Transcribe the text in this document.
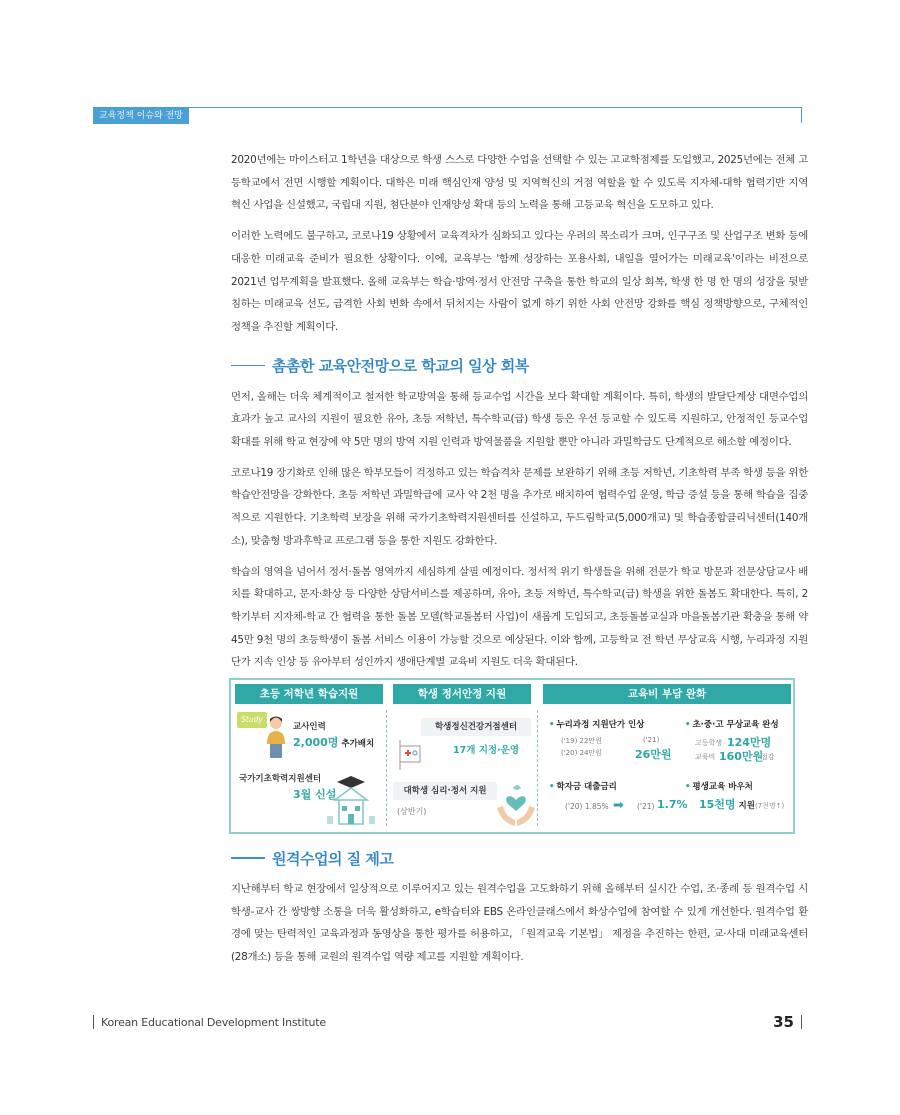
교육정책 이슈와 전망

2020년에는 마이스터고 1학년을 대상으로 학생 스스로 다양한 수업을 선택할 수 있는 고교학점제를 도입했고, 2025년에는 전체 고등학교에서 전면 시행할 계획이다. 대학은 미래 핵심인재 양성 및 지역혁신의 거점 역할을 할 수 있도록 지자체-대학 협력기반 지역혁신 사업을 신설했고, 국립대 지원, 첨단분야 인재양성 확대 등의 노력을 통해 고등교육 혁신을 도모하고 있다.

이러한 노력에도 불구하고, 코로나19 상황에서 교육격차가 심화되고 있다는 우려의 목소리가 크며, 인구구조 및 산업구조 변화 등에 대응한 미래교육 준비가 필요한 상황이다. 이에, 교육부는 '함께 성장하는 포용사회, 내일을 열어가는 미래교육'이라는 비전으로 2021년 업무계획을 발표했다. 올해 교육부는 학습·방역·정서 안전망 구축을 통한 학교의 일상 회복, 학생 한 명 한 명의 성장을 뒷받침하는 미래교육 선도, 급격한 사회 변화 속에서 뒤처지는 사람이 없게 하기 위한 사회 안전망 강화를 핵심 정책방향으로, 구체적인 정책을 추진할 계획이다.

촘촘한 교육안전망으로 학교의 일상 회복

먼저, 올해는 더욱 체계적이고 철저한 학교방역을 통해 등교수업 시간을 보다 확대할 계획이다. 특히, 학생의 발달단계상 대면수업의 효과가 높고 교사의 지원이 필요한 유아, 초등 저학년, 특수학교(급) 학생 등은 우선 등교할 수 있도록 지원하고, 안정적인 등교수업 확대를 위해 학교 현장에 약 5만 명의 방역 지원 인력과 방역물품을 지원할 뿐만 아니라 과밀학급도 단계적으로 해소할 예정이다.

코로나19 장기화로 인해 많은 학부모들이 걱정하고 있는 학습격차 문제를 보완하기 위해 초등 저학년, 기초학력 부족 학생 등을 위한 학습안전망을 강화한다. 초등 저학년 과밀학급에 교사 약 2천 명을 추가로 배치하여 협력수업 운영, 학급 증설 등을 통해 학습을 집중적으로 지원한다. 기초학력 보장을 위해 국가기초학력지원센터를 신설하고, 두드림학교(5,000개교) 및 학습종합클리닉센터(140개소), 맞춤형 방과후학교 프로그램 등을 통한 지원도 강화한다.

학습의 영역을 넘어서 정서·돌봄 영역까지 세심하게 살필 예정이다. 정서적 위기 학생들을 위해 전문가 학교 방문과 전문상담교사 배치를 확대하고, 문자·화상 등 다양한 상담서비스를 제공하며, 유아, 초등 저학년, 특수학교(급) 학생을 위한 돌봄도 확대한다. 특히, 2학기부터 지자체-학교 간 협력을 통한 돌봄 모델(학교돌봄터 사업)이 새롭게 도입되고, 초등돌봄교실과 마을돌봄기관 확충을 통해 약 45만 9천 명의 초등학생이 돌봄 서비스 이용이 가능할 것으로 예상된다. 이와 함께, 고등학교 전 학년 무상교육 시행, 누리과정 지원단가 지속 인상 등 유아부터 성인까지 생애단계별 교육비 지원도 더욱 확대된다.

초등 저학년 학습지원	학생 정서안정 지원	교육비 부담 완화
Study
교사인력
2,000명 추가배치
국가기초학력지원센터
3월 신설
학생정신건강거점센터
17개 지정·운영
대학생 심리·정서 지원
(상반기)
• 누리과정 지원단가 인상
('19) 22만원
('20) 24만원
('21)
26만원
• 초·중·고 무상교육 완성
고등학생 124만명
교육비 160만원
절감
• 학자금 대출금리
('20) 1.85% ➡ ('21) 1.7%
• 평생교육 바우처
15천명 지원(7천명↑)
원격수업의 질 제고

지난해부터 학교 현장에서 일상적으로 이루어지고 있는 원격수업을 고도화하기 위해 올해부터 실시간 수업, 조·종례 등 원격수업 시 학생-교사 간 쌍방향 소통을 더욱 활성화하고, e학습터와 EBS 온라인클래스에서 화상수업에 참여할 수 있게 개선한다. 원격수업 환경에 맞는 탄력적인 교육과정과 동영상을 통한 평가를 허용하고, 「원격교육 기본법」 제정을 추진하는 한편, 교·사대 미래교육센터(28개소) 등을 통해 교원의 원격수업 역량 제고를 지원할 계획이다.

Korean Educational Development Institute	35
